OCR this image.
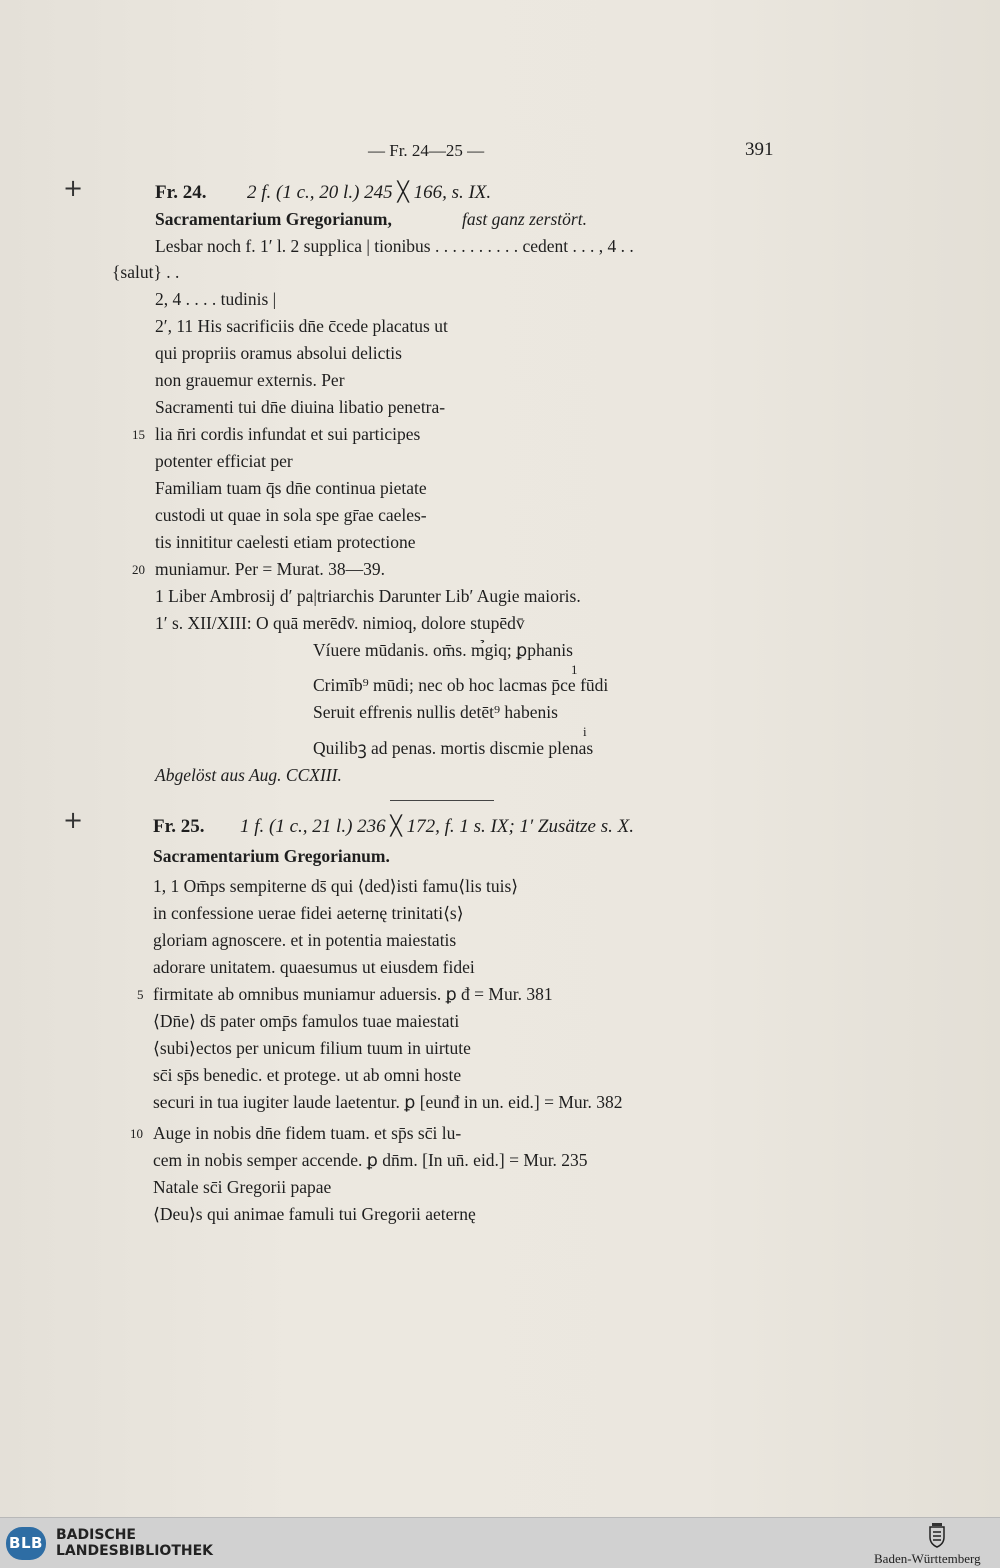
— Fr. 24—25 —	391
+	Fr. 24. 2 f. (1 c., 20 l.) 245 ╳ 166, s. IX.
Sacramentarium Gregorianum,	fast ganz zerstört.
Lesbar noch f. 1′ l. 2 supplica | tionibus . . . . . . . . . . cedent . . . , 4 . .
{salut} . .
2, 4 . . . . tudinis |
2′, 11 His sacrificiis dn̄e c̄cede placatus ut
qui propriis oramus absolui delictis
non grauemur externis. Per
Sacramenti tui dn̄e diuina libatio penetra-
15 lia n̄ri cordis infundat et sui participes
potenter efficiat per
Familiam tuam q̄s dn̄e continua pietate
custodi ut quae in sola spe gr̄ae caeles-
tis innititur caelesti etiam protectione
20 muniamur. Per = Murat. 38—39.
1 Liber Ambrosij d′ pa|triarchis Darunter Lib′ Augie maioris.
1′ s. XII/XIII: O quā merēdv̄. nimioq, dolore stupēdv̄
Víuere mūdanis. om̄s. m̉giq; ꝑphanis
1
Crimīb⁹ mūdi; nec ob hoc lacmas p̄ce fūdi
Seruit effrenis nullis detēt⁹ habenis
i
Quilibꝫ ad penas. mortis discmie plenas
Abgelöst aus Aug. CCXIII.
+	Fr. 25. 1 f. (1 c., 21 l.) 236 ╳ 172, f. 1 s. IX; 1′ Zusätze s. X.
Sacramentarium Gregorianum.
1, 1 Om̄ps sempiterne ds̄ qui ⟨ded⟩isti famu⟨lis tuis⟩
in confessione uerae fidei aeternę trinitati⟨s⟩
gloriam agnoscere. et in potentia maiestatis
adorare unitatem. quaesumus ut eiusdem fidei
5 firmitate ab omnibus muniamur aduersis. ꝑ đ = Mur. 381
⟨Dn̄e⟩ ds̄ pater omp̄s famulos tuae maiestati
⟨subi⟩ectos per unicum filium tuum in uirtute
sc̄i sp̄s benedic. et protege. ut ab omni hoste
securi in tua iugiter laude laetentur. ꝑ [eunđ in un. eid.] = Mur. 382
10 Auge in nobis dn̄e fidem tuam. et sp̄s sc̄i lu-
cem in nobis semper accende. ꝑ dn̄m. [In un̄. eid.] = Mur. 235
Natale sc̄i Gregorii papae
⟨Deu⟩s qui animae famuli tui Gregorii aeternę
BLB BADISCHE
LANDESBIBLIOTHEK	Baden-Württemberg
